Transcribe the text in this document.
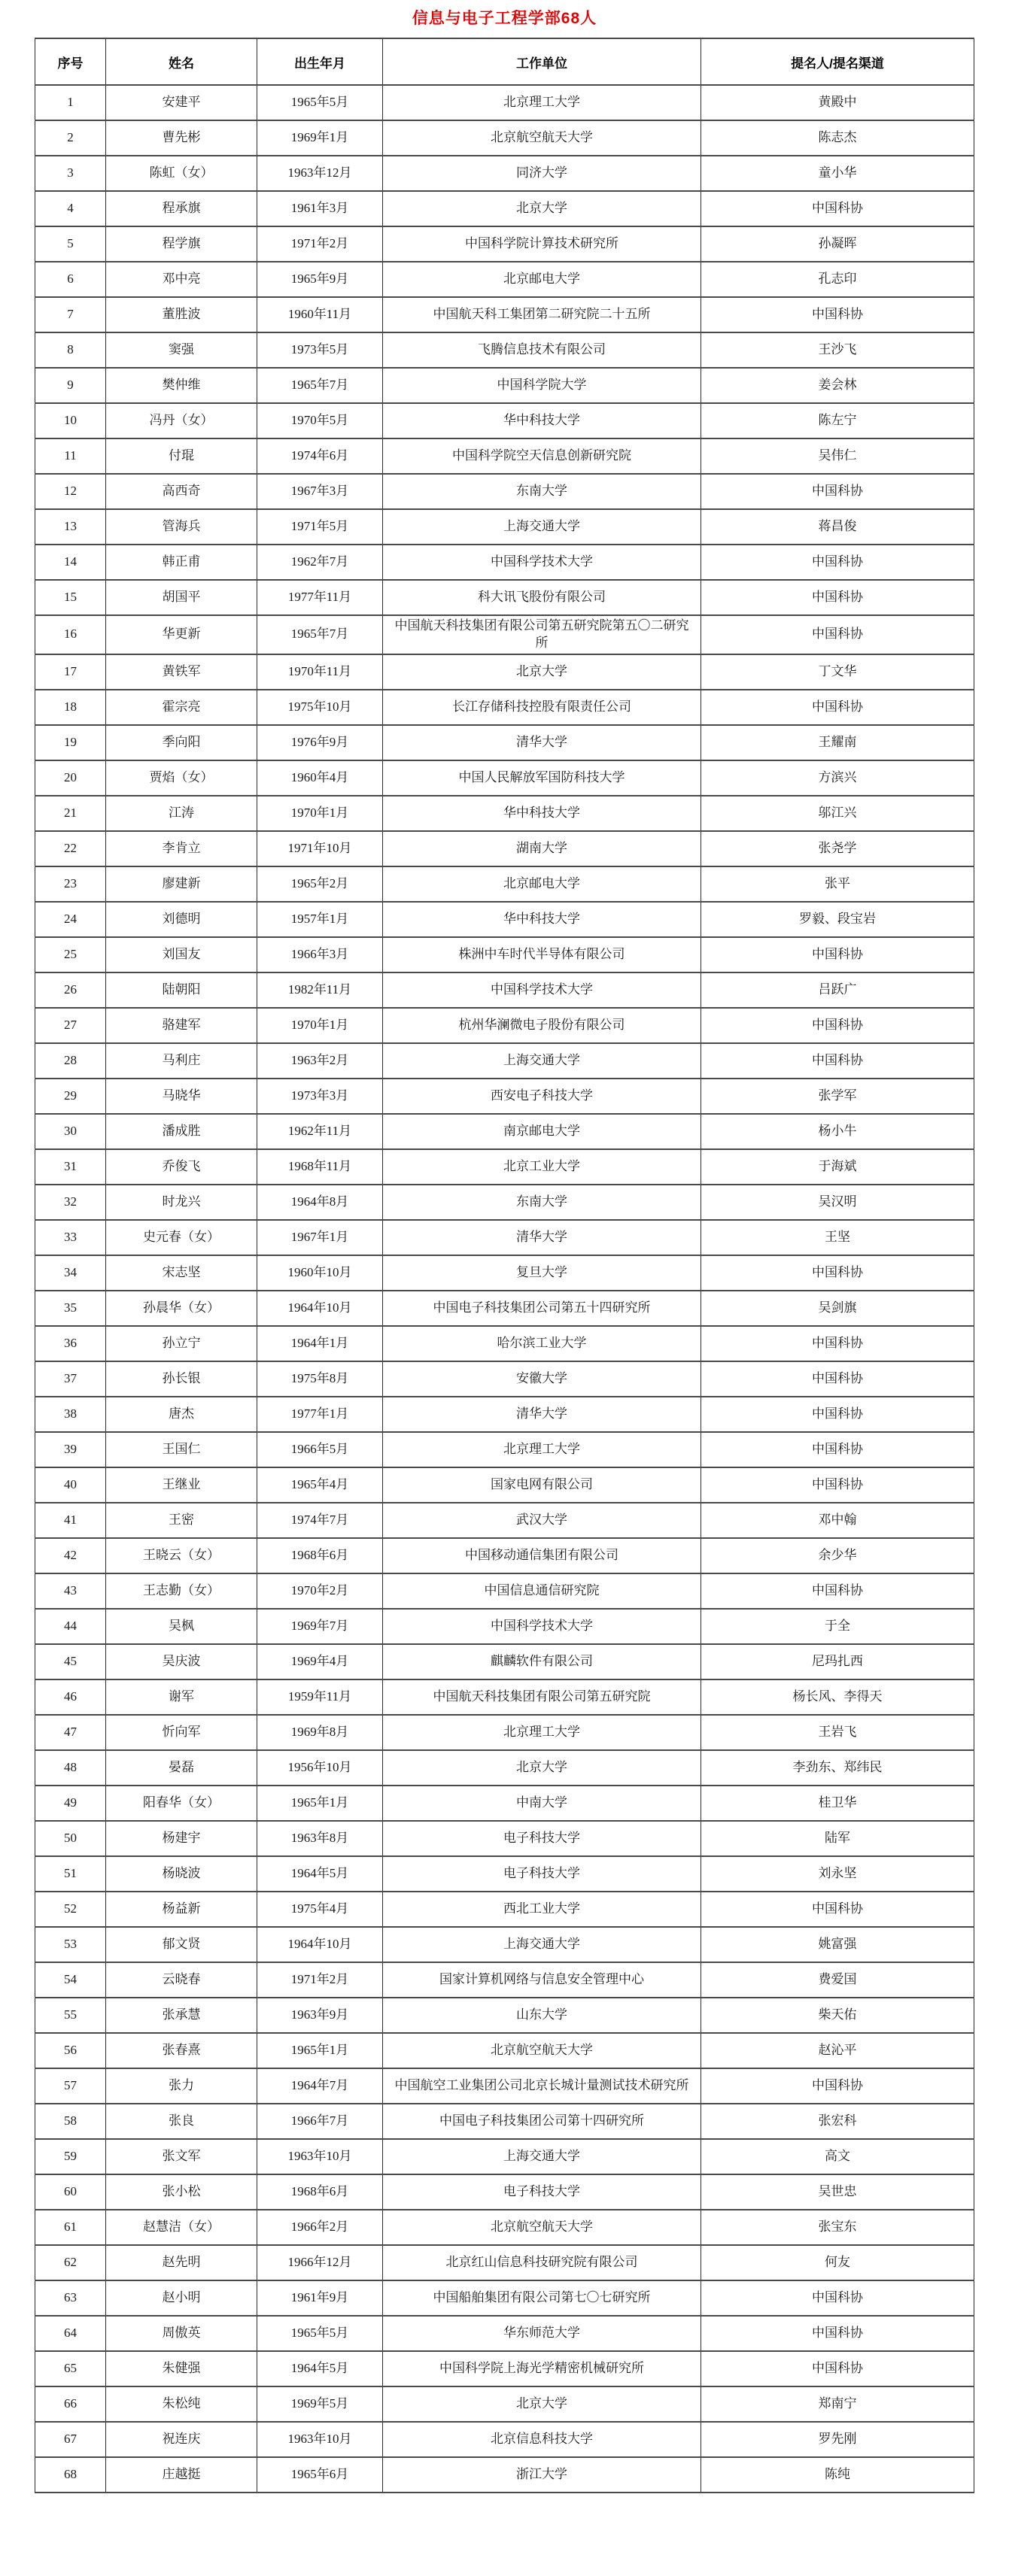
信息与电子工程学部68人
序号	姓名	出生年月	工作单位	提名人/提名渠道
1	安建平	1965年5月	北京理工大学	黄殿中
2	曹先彬	1969年1月	北京航空航天大学	陈志杰
3	陈虹（女）	1963年12月	同济大学	童小华
4	程承旗	1961年3月	北京大学	中国科协
5	程学旗	1971年2月	中国科学院计算技术研究所	孙凝晖
6	邓中亮	1965年9月	北京邮电大学	孔志印
7	董胜波	1960年11月	中国航天科工集团第二研究院二十五所	中国科协
8	窦强	1973年5月	飞腾信息技术有限公司	王沙飞
9	樊仲维	1965年7月	中国科学院大学	姜会林
10	冯丹（女）	1970年5月	华中科技大学	陈左宁
11	付琨	1974年6月	中国科学院空天信息创新研究院	吴伟仁
12	高西奇	1967年3月	东南大学	中国科协
13	管海兵	1971年5月	上海交通大学	蒋昌俊
14	韩正甫	1962年7月	中国科学技术大学	中国科协
15	胡国平	1977年11月	科大讯飞股份有限公司	中国科协
16	华更新	1965年7月	中国航天科技集团有限公司第五研究院第五〇二研究所	中国科协
17	黄铁军	1970年11月	北京大学	丁文华
18	霍宗亮	1975年10月	长江存储科技控股有限责任公司	中国科协
19	季向阳	1976年9月	清华大学	王耀南
20	贾焰（女）	1960年4月	中国人民解放军国防科技大学	方滨兴
21	江涛	1970年1月	华中科技大学	邬江兴
22	李肯立	1971年10月	湖南大学	张尧学
23	廖建新	1965年2月	北京邮电大学	张平
24	刘德明	1957年1月	华中科技大学	罗毅、段宝岩
25	刘国友	1966年3月	株洲中车时代半导体有限公司	中国科协
26	陆朝阳	1982年11月	中国科学技术大学	吕跃广
27	骆建军	1970年1月	杭州华澜微电子股份有限公司	中国科协
28	马利庄	1963年2月	上海交通大学	中国科协
29	马晓华	1973年3月	西安电子科技大学	张学军
30	潘成胜	1962年11月	南京邮电大学	杨小牛
31	乔俊飞	1968年11月	北京工业大学	于海斌
32	时龙兴	1964年8月	东南大学	吴汉明
33	史元春（女）	1967年1月	清华大学	王坚
34	宋志坚	1960年10月	复旦大学	中国科协
35	孙晨华（女）	1964年10月	中国电子科技集团公司第五十四研究所	吴剑旗
36	孙立宁	1964年1月	哈尔滨工业大学	中国科协
37	孙长银	1975年8月	安徽大学	中国科协
38	唐杰	1977年1月	清华大学	中国科协
39	王国仁	1966年5月	北京理工大学	中国科协
40	王继业	1965年4月	国家电网有限公司	中国科协
41	王密	1974年7月	武汉大学	邓中翰
42	王晓云（女）	1968年6月	中国移动通信集团有限公司	余少华
43	王志勤（女）	1970年2月	中国信息通信研究院	中国科协
44	吴枫	1969年7月	中国科学技术大学	于全
45	吴庆波	1969年4月	麒麟软件有限公司	尼玛扎西
46	谢军	1959年11月	中国航天科技集团有限公司第五研究院	杨长风、李得天
47	忻向军	1969年8月	北京理工大学	王岩飞
48	晏磊	1956年10月	北京大学	李劲东、郑纬民
49	阳春华（女）	1965年1月	中南大学	桂卫华
50	杨建宇	1963年8月	电子科技大学	陆军
51	杨晓波	1964年5月	电子科技大学	刘永坚
52	杨益新	1975年4月	西北工业大学	中国科协
53	郁文贤	1964年10月	上海交通大学	姚富强
54	云晓春	1971年2月	国家计算机网络与信息安全管理中心	费爱国
55	张承慧	1963年9月	山东大学	柴天佑
56	张春熹	1965年1月	北京航空航天大学	赵沁平
57	张力	1964年7月	中国航空工业集团公司北京长城计量测试技术研究所	中国科协
58	张良	1966年7月	中国电子科技集团公司第十四研究所	张宏科
59	张文军	1963年10月	上海交通大学	高文
60	张小松	1968年6月	电子科技大学	吴世忠
61	赵慧洁（女）	1966年2月	北京航空航天大学	张宝东
62	赵先明	1966年12月	北京红山信息科技研究院有限公司	何友
63	赵小明	1961年9月	中国船舶集团有限公司第七〇七研究所	中国科协
64	周傲英	1965年5月	华东师范大学	中国科协
65	朱健强	1964年5月	中国科学院上海光学精密机械研究所	中国科协
66	朱松纯	1969年5月	北京大学	郑南宁
67	祝连庆	1963年10月	北京信息科技大学	罗先刚
68	庄越挺	1965年6月	浙江大学	陈纯
